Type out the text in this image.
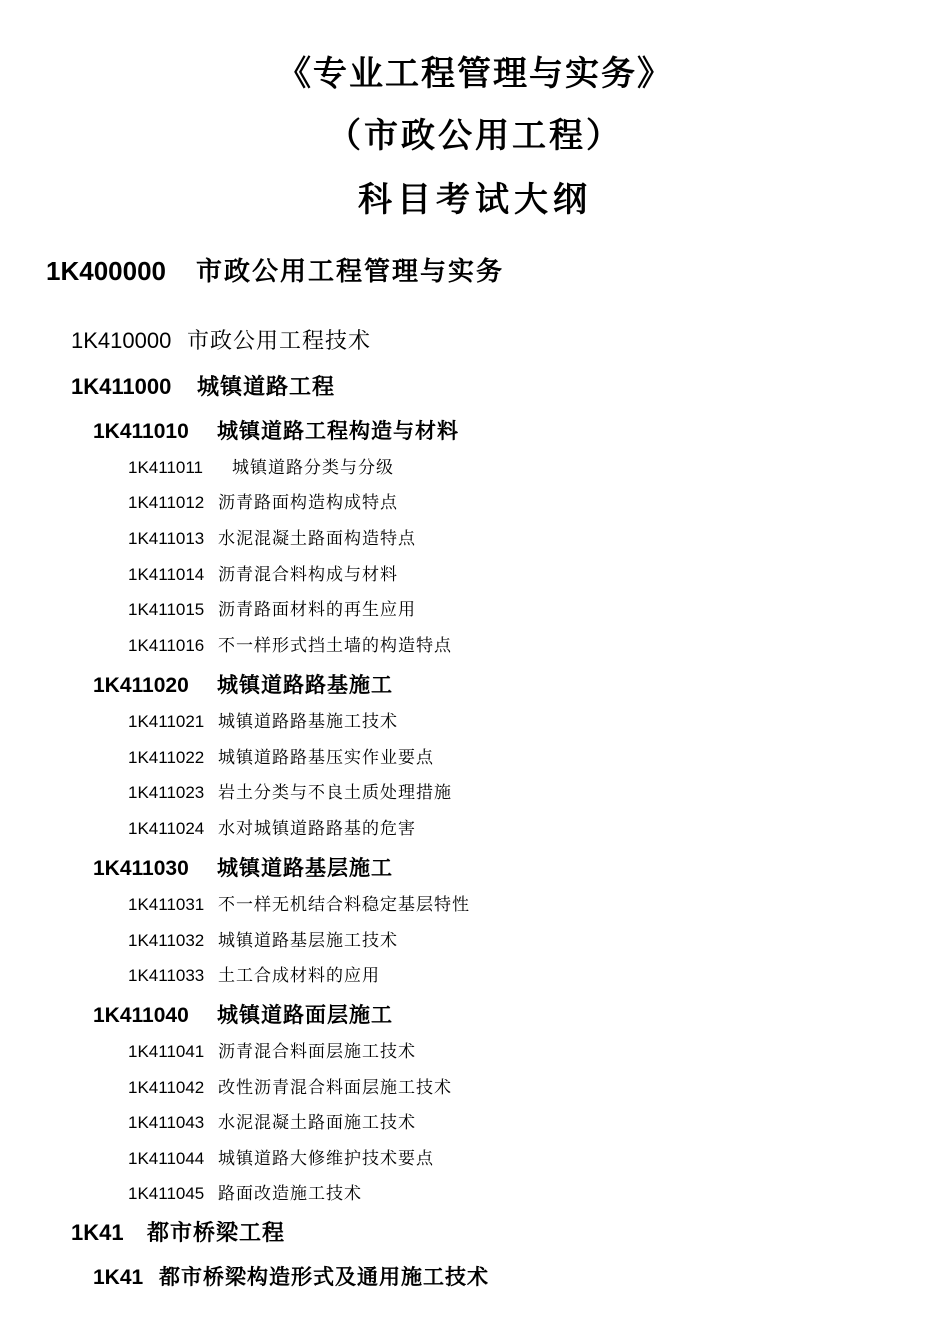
《专业工程管理与实务》
（市政公用工程）
科目考试大纲
1K400000 市政公用工程管理与实务
1K410000 市政公用工程技术
1K411000 城镇道路工程
1K411010 城镇道路工程构造与材料
1K411011 城镇道路分类与分级
1K411012 沥青路面构造构成特点
1K411013 水泥混凝土路面构造特点
1K411014 沥青混合料构成与材料
1K411015 沥青路面材料的再生应用
1K411016 不一样形式挡土墙的构造特点
1K411020 城镇道路路基施工
1K411021 城镇道路路基施工技术
1K411022 城镇道路路基压实作业要点
1K411023 岩土分类与不良土质处理措施
1K411024 水对城镇道路路基的危害
1K411030 城镇道路基层施工
1K411031 不一样无机结合料稳定基层特性
1K411032 城镇道路基层施工技术
1K411033 土工合成材料的应用
1K411040 城镇道路面层施工
1K411041 沥青混合料面层施工技术
1K411042 改性沥青混合料面层施工技术
1K411043 水泥混凝土路面施工技术
1K411044 城镇道路大修维护技术要点
1K411045 路面改造施工技术
1K41 都市桥梁工程
1K41 都市桥梁构造形式及通用施工技术
